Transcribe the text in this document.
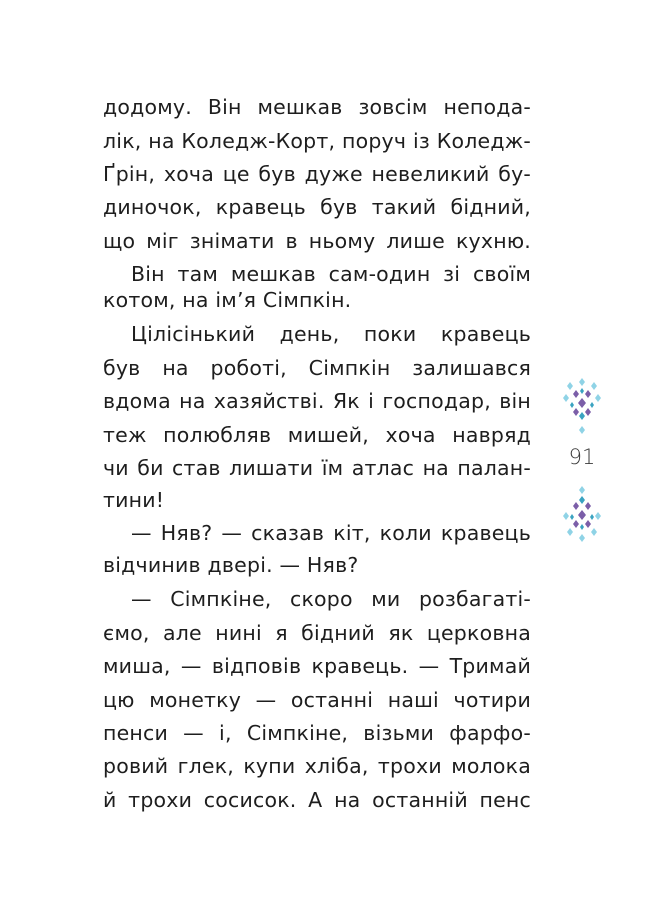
додому. Він мешкав зовсім непода-
лік, на Коледж-Корт, поруч із Коледж-
Ґрін, хоча це був дуже невеликий бу-
диночок, кравець був такий бідний,
що міг знімати в ньому лише кухню.
Він там мешкав сам-один зі своїм
котом, на ім’я Сімпкін.
Цілісінький день, поки кравець
був на роботі, Сімпкін залишався
вдома на хазяйстві. Як і господар, він
теж полюбляв мишей, хоча навряд
чи би став лишати їм атлас на палан-
тини!
— Няв? — сказав кіт, коли кравець
відчинив двері. — Няв?
— Сімпкіне, скоро ми розбагаті-
ємо, але нині я бідний як церковна
миша, — відповів кравець. — Тримай
цю монетку — останні наші чотири
пенси — і, Сімпкіне, візьми фарфо-
ровий глек, купи хліба, трохи молока
й трохи сосисок. А на останній пенс
91
